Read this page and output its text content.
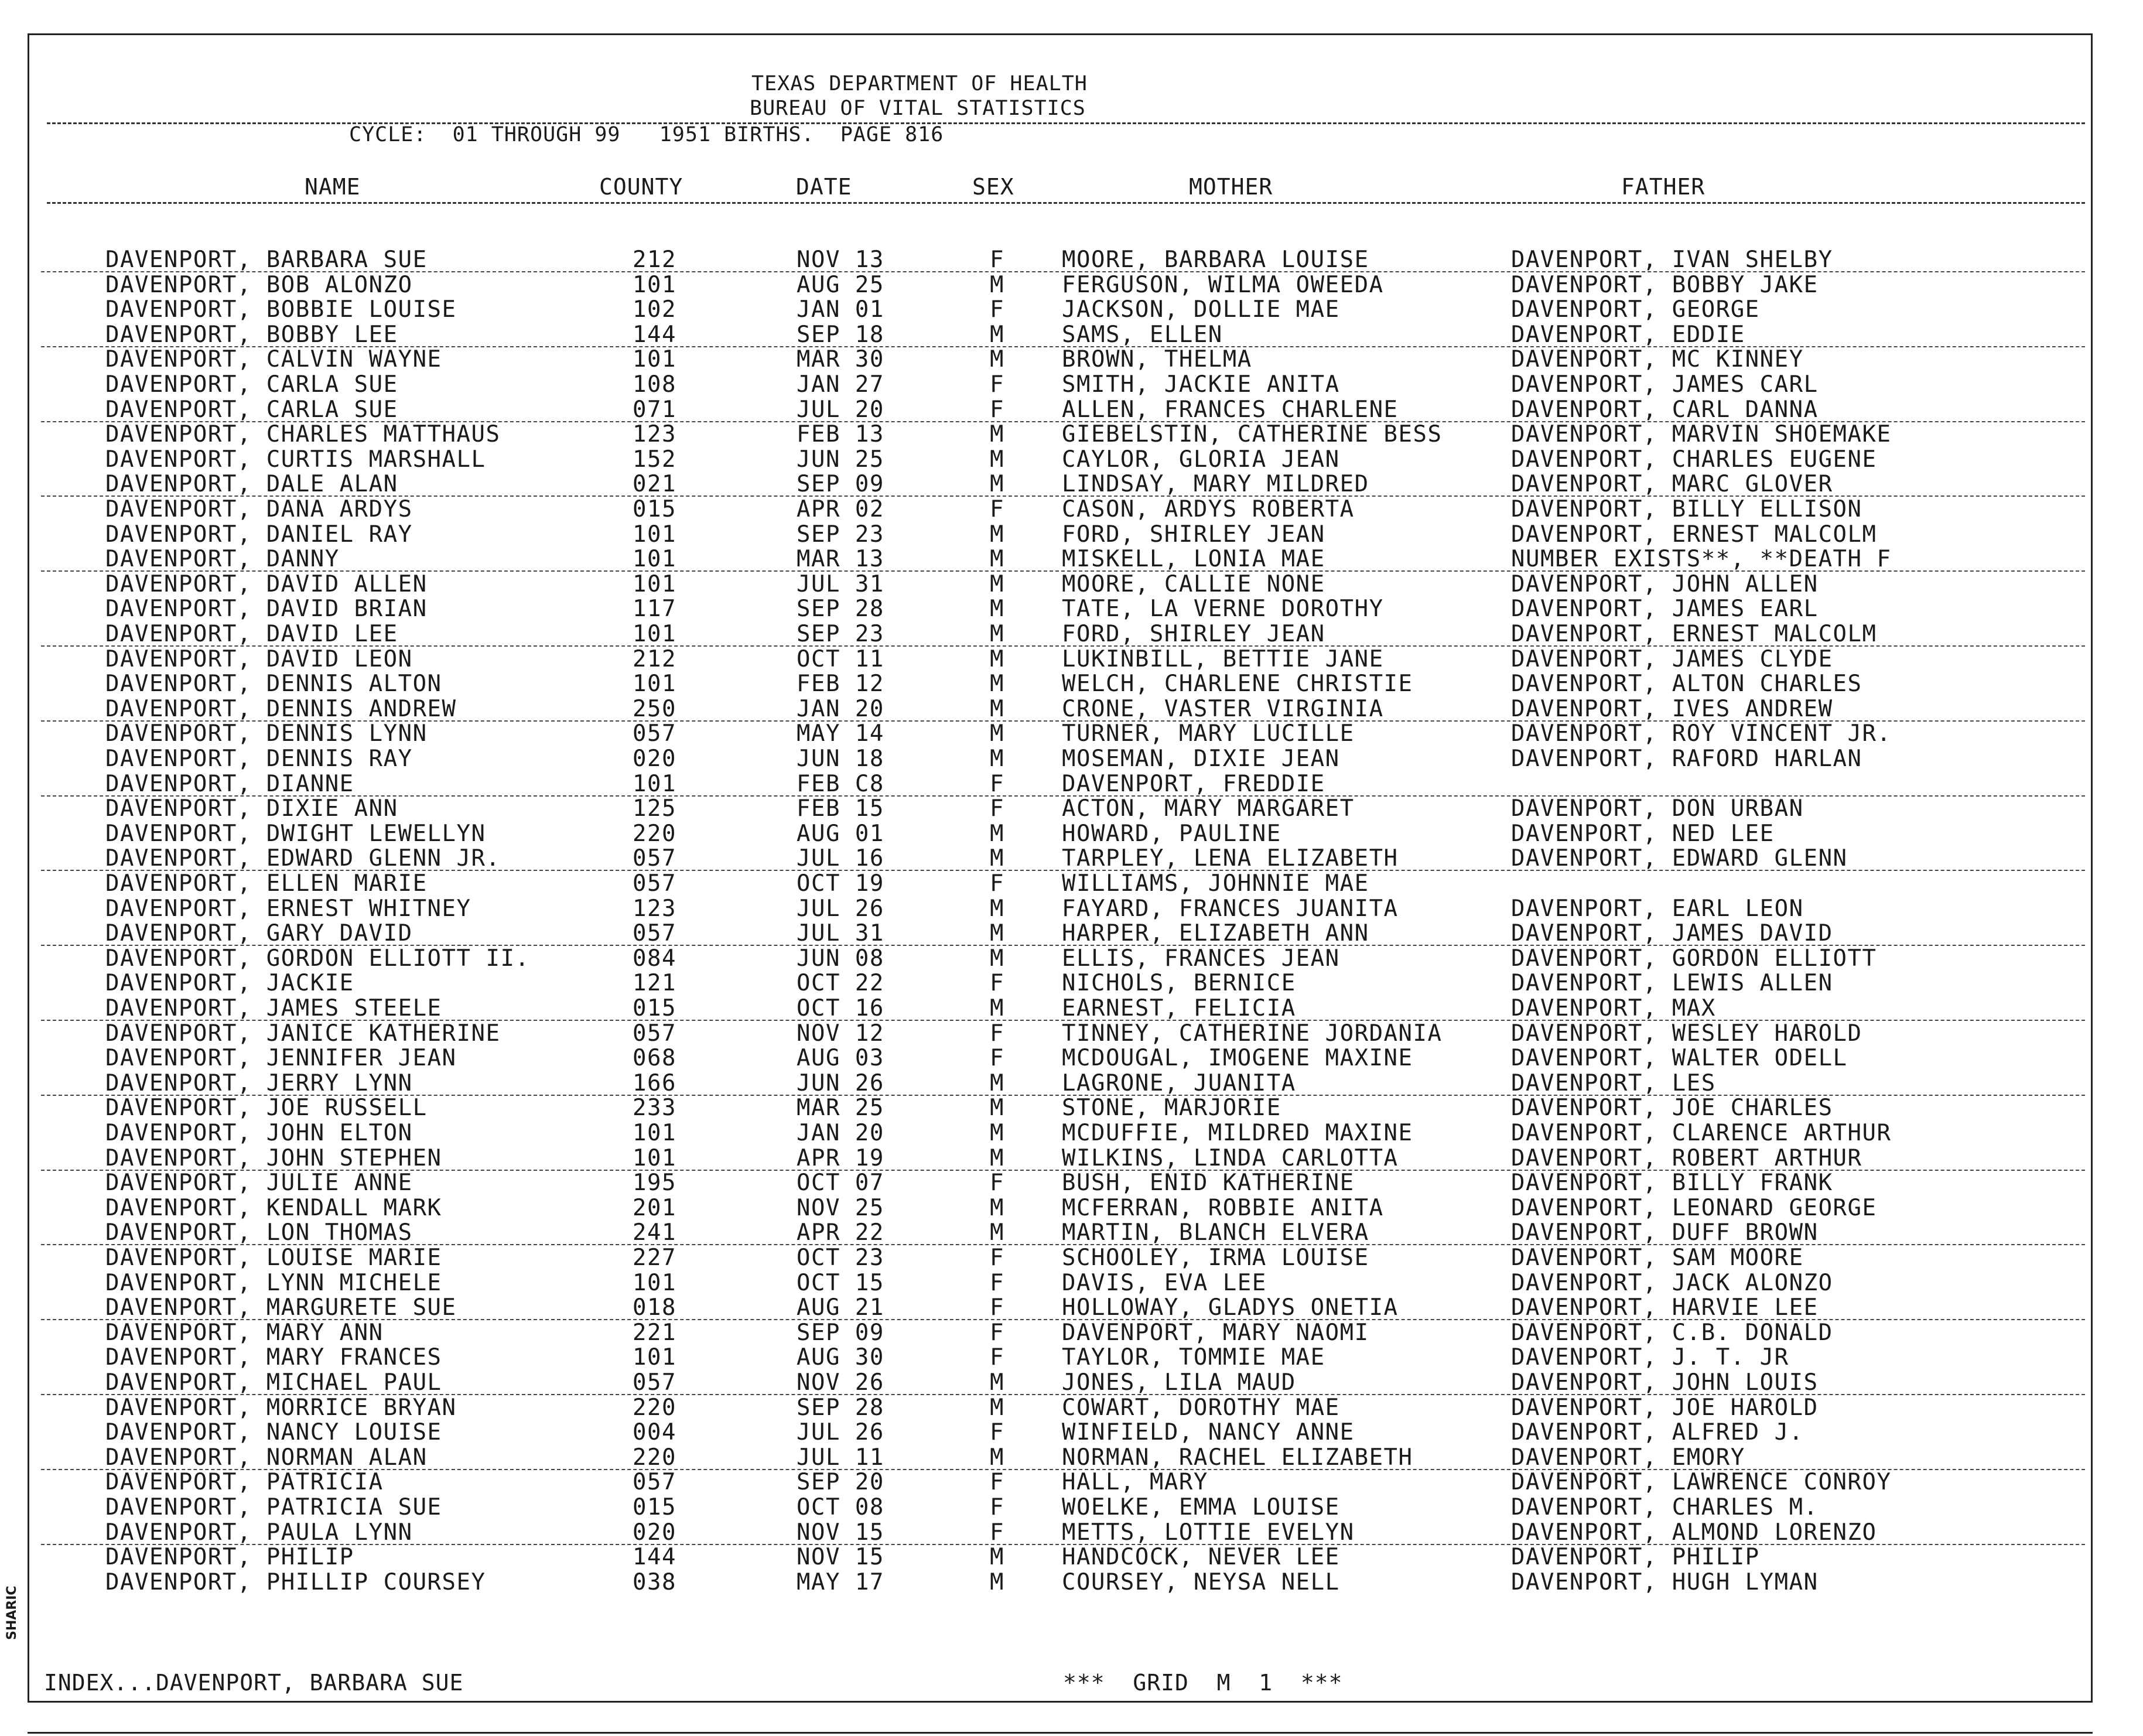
TEXAS DEPARTMENT OF HEALTH
BUREAU OF VITAL STATISTICS
CYCLE:  01 THROUGH 99   1951 BIRTHS.  PAGE 816
NAME	COUNTY	DATE	SEX	MOTHER	FATHER
DAVENPORT, BARBARA SUE	212	NOV 13	F	MOORE, BARBARA LOUISE	DAVENPORT, IVAN SHELBY
DAVENPORT, BOB ALONZO	101	AUG 25	M	FERGUSON, WILMA OWEEDA	DAVENPORT, BOBBY JAKE
DAVENPORT, BOBBIE LOUISE	102	JAN 01	F	JACKSON, DOLLIE MAE	DAVENPORT, GEORGE
DAVENPORT, BOBBY LEE	144	SEP 18	M	SAMS, ELLEN	DAVENPORT, EDDIE
DAVENPORT, CALVIN WAYNE	101	MAR 30	M	BROWN, THELMA	DAVENPORT, MC KINNEY
DAVENPORT, CARLA SUE	108	JAN 27	F	SMITH, JACKIE ANITA	DAVENPORT, JAMES CARL
DAVENPORT, CARLA SUE	071	JUL 20	F	ALLEN, FRANCES CHARLENE	DAVENPORT, CARL DANNA
DAVENPORT, CHARLES MATTHAUS	123	FEB 13	M	GIEBELSTIN, CATHERINE BESS	DAVENPORT, MARVIN SHOEMAKE
DAVENPORT, CURTIS MARSHALL	152	JUN 25	M	CAYLOR, GLORIA JEAN	DAVENPORT, CHARLES EUGENE
DAVENPORT, DALE ALAN	021	SEP 09	M	LINDSAY, MARY MILDRED	DAVENPORT, MARC GLOVER
DAVENPORT, DANA ARDYS	015	APR 02	F	CASON, ARDYS ROBERTA	DAVENPORT, BILLY ELLISON
DAVENPORT, DANIEL RAY	101	SEP 23	M	FORD, SHIRLEY JEAN	DAVENPORT, ERNEST MALCOLM
DAVENPORT, DANNY	101	MAR 13	M	MISKELL, LONIA MAE	NUMBER EXISTS**, **DEATH F
DAVENPORT, DAVID ALLEN	101	JUL 31	M	MOORE, CALLIE NONE	DAVENPORT, JOHN ALLEN
DAVENPORT, DAVID BRIAN	117	SEP 28	M	TATE, LA VERNE DOROTHY	DAVENPORT, JAMES EARL
DAVENPORT, DAVID LEE	101	SEP 23	M	FORD, SHIRLEY JEAN	DAVENPORT, ERNEST MALCOLM
DAVENPORT, DAVID LEON	212	OCT 11	M	LUKINBILL, BETTIE JANE	DAVENPORT, JAMES CLYDE
DAVENPORT, DENNIS ALTON	101	FEB 12	M	WELCH, CHARLENE CHRISTIE	DAVENPORT, ALTON CHARLES
DAVENPORT, DENNIS ANDREW	250	JAN 20	M	CRONE, VASTER VIRGINIA	DAVENPORT, IVES ANDREW
DAVENPORT, DENNIS LYNN	057	MAY 14	M	TURNER, MARY LUCILLE	DAVENPORT, ROY VINCENT JR.
DAVENPORT, DENNIS RAY	020	JUN 18	M	MOSEMAN, DIXIE JEAN	DAVENPORT, RAFORD HARLAN
DAVENPORT, DIANNE	101	FEB C8	F	DAVENPORT, FREDDIE
DAVENPORT, DIXIE ANN	125	FEB 15	F	ACTON, MARY MARGARET	DAVENPORT, DON URBAN
DAVENPORT, DWIGHT LEWELLYN	220	AUG 01	M	HOWARD, PAULINE	DAVENPORT, NED LEE
DAVENPORT, EDWARD GLENN JR.	057	JUL 16	M	TARPLEY, LENA ELIZABETH	DAVENPORT, EDWARD GLENN
DAVENPORT, ELLEN MARIE	057	OCT 19	F	WILLIAMS, JOHNNIE MAE
DAVENPORT, ERNEST WHITNEY	123	JUL 26	M	FAYARD, FRANCES JUANITA	DAVENPORT, EARL LEON
DAVENPORT, GARY DAVID	057	JUL 31	M	HARPER, ELIZABETH ANN	DAVENPORT, JAMES DAVID
DAVENPORT, GORDON ELLIOTT II.	084	JUN 08	M	ELLIS, FRANCES JEAN	DAVENPORT, GORDON ELLIOTT
DAVENPORT, JACKIE	121	OCT 22	F	NICHOLS, BERNICE	DAVENPORT, LEWIS ALLEN
DAVENPORT, JAMES STEELE	015	OCT 16	M	EARNEST, FELICIA	DAVENPORT, MAX
DAVENPORT, JANICE KATHERINE	057	NOV 12	F	TINNEY, CATHERINE JORDANIA	DAVENPORT, WESLEY HAROLD
DAVENPORT, JENNIFER JEAN	068	AUG 03	F	MCDOUGAL, IMOGENE MAXINE	DAVENPORT, WALTER ODELL
DAVENPORT, JERRY LYNN	166	JUN 26	M	LAGRONE, JUANITA	DAVENPORT, LES
DAVENPORT, JOE RUSSELL	233	MAR 25	M	STONE, MARJORIE	DAVENPORT, JOE CHARLES
DAVENPORT, JOHN ELTON	101	JAN 20	M	MCDUFFIE, MILDRED MAXINE	DAVENPORT, CLARENCE ARTHUR
DAVENPORT, JOHN STEPHEN	101	APR 19	M	WILKINS, LINDA CARLOTTA	DAVENPORT, ROBERT ARTHUR
DAVENPORT, JULIE ANNE	195	OCT 07	F	BUSH, ENID KATHERINE	DAVENPORT, BILLY FRANK
DAVENPORT, KENDALL MARK	201	NOV 25	M	MCFERRAN, ROBBIE ANITA	DAVENPORT, LEONARD GEORGE
DAVENPORT, LON THOMAS	241	APR 22	M	MARTIN, BLANCH ELVERA	DAVENPORT, DUFF BROWN
DAVENPORT, LOUISE MARIE	227	OCT 23	F	SCHOOLEY, IRMA LOUISE	DAVENPORT, SAM MOORE
DAVENPORT, LYNN MICHELE	101	OCT 15	F	DAVIS, EVA LEE	DAVENPORT, JACK ALONZO
DAVENPORT, MARGURETE SUE	018	AUG 21	F	HOLLOWAY, GLADYS ONETIA	DAVENPORT, HARVIE LEE
DAVENPORT, MARY ANN	221	SEP 09	F	DAVENPORT, MARY NAOMI	DAVENPORT, C.B. DONALD
DAVENPORT, MARY FRANCES	101	AUG 30	F	TAYLOR, TOMMIE MAE	DAVENPORT, J. T. JR
DAVENPORT, MICHAEL PAUL	057	NOV 26	M	JONES, LILA MAUD	DAVENPORT, JOHN LOUIS
DAVENPORT, MORRICE BRYAN	220	SEP 28	M	COWART, DOROTHY MAE	DAVENPORT, JOE HAROLD
DAVENPORT, NANCY LOUISE	004	JUL 26	F	WINFIELD, NANCY ANNE	DAVENPORT, ALFRED J.
DAVENPORT, NORMAN ALAN	220	JUL 11	M	NORMAN, RACHEL ELIZABETH	DAVENPORT, EMORY
DAVENPORT, PATRICIA	057	SEP 20	F	HALL, MARY	DAVENPORT, LAWRENCE CONROY
DAVENPORT, PATRICIA SUE	015	OCT 08	F	WOELKE, EMMA LOUISE	DAVENPORT, CHARLES M.
DAVENPORT, PAULA LYNN	020	NOV 15	F	METTS, LOTTIE EVELYN	DAVENPORT, ALMOND LORENZO
DAVENPORT, PHILIP	144	NOV 15	M	HANDCOCK, NEVER LEE	DAVENPORT, PHILIP
DAVENPORT, PHILLIP COURSEY	038	MAY 17	M	COURSEY, NEYSA NELL	DAVENPORT, HUGH LYMAN
INDEX...DAVENPORT, BARBARA SUE	***  GRID  M  1  ***
SHARIC
